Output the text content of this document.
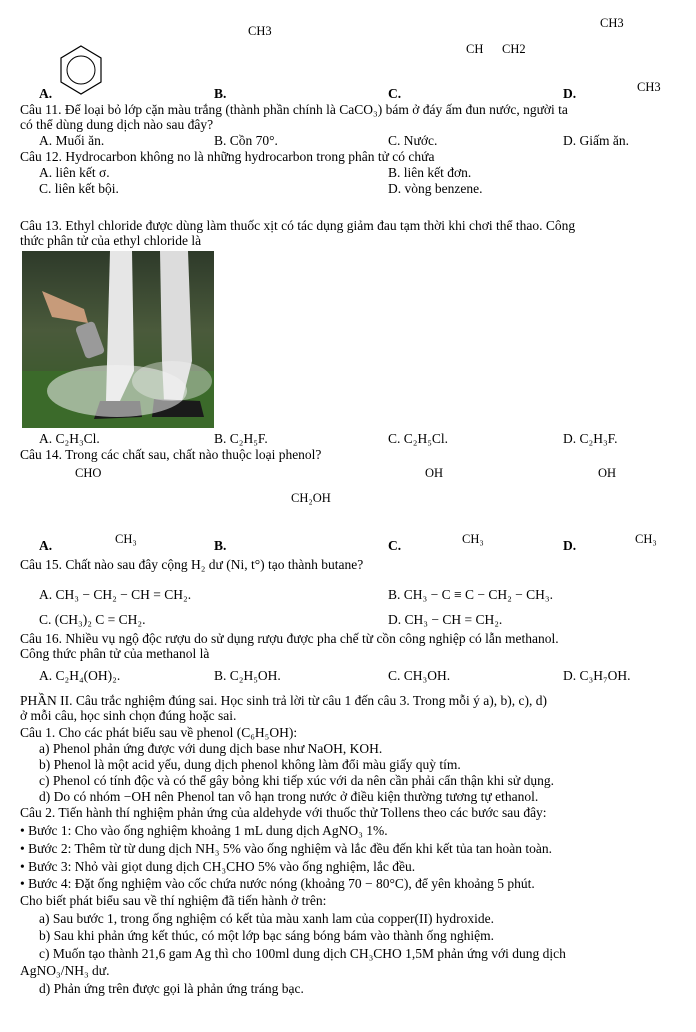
CH3
CH3
CH CH2
CH3
A.	B.	C.	D.
Câu 11. Để loại bỏ lớp cặn màu trắng (thành phần chính là CaCO₃) bám ở đáy ấm đun nước, người ta
có thể dùng dung dịch nào sau đây?
A. Muối ăn.	B. Cồn 70°.	C. Nước.	D. Giấm ăn.
Câu 12. Hydrocarbon không no là những hydrocarbon trong phân tử có chứa
A. liên kết σ.	B. liên kết đơn.
C. liên kết bội.	D. vòng benzene.
Câu 13. Ethyl chloride được dùng làm thuốc xịt có tác dụng giảm đau tạm thời khi chơi thể thao. Công
thức phân tử của ethyl chloride là
A. C₂H₃Cl.	B. C₂H₅F.	C. C₂H₅Cl.	D. C₂H₃F.
Câu 14. Trong các chất sau, chất nào thuộc loại phenol?
CHO	OH	OH
CH₂OH
A.	CH₃	B.	C.	CH₃	D.	CH₃
Câu 15. Chất nào sau đây cộng H₂ dư (Ni, t°) tạo thành butane?
A. CH₃ − CH₂ − CH = CH₂.	B. CH₃ − C ≡ C − CH₂ − CH₃.
C. (CH₃)₂ C = CH₂.	D. CH₃ − CH = CH₂.
Câu 16. Nhiều vụ ngộ độc rượu do sử dụng rượu được pha chế từ cồn công nghiệp có lẫn methanol.
Công thức phân tử của methanol là
A. C₂H₄(OH)₂.	B. C₂H₅OH.	C. CH₃OH.	D. C₃H₇OH.
PHẦN II. Câu trắc nghiệm đúng sai. Học sinh trả lời từ câu 1 đến câu 3. Trong mỗi ý a), b), c), d)
ở mỗi câu, học sinh chọn đúng hoặc sai.
Câu 1. Cho các phát biểu sau về phenol (C₆H₅OH):
a) Phenol phản ứng được với dung dịch base như NaOH, KOH.
b) Phenol là một acid yếu, dung dịch phenol không làm đổi màu giấy quỳ tím.
c) Phenol có tính độc và có thể gây bỏng khi tiếp xúc với da nên cần phải cẩn thận khi sử dụng.
d) Do có nhóm −OH nên Phenol tan vô hạn trong nước ở điều kiện thường tương tự ethanol.
Câu 2. Tiến hành thí nghiệm phản ứng của aldehyde với thuốc thử Tollens theo các bước sau đây:
• Bước 1: Cho vào ống nghiệm khoảng 1 mL dung dịch AgNO₃ 1%.
• Bước 2: Thêm từ từ dung dịch NH₃ 5% vào ống nghiệm và lắc đều đến khi kết tủa tan hoàn toàn.
• Bước 3: Nhỏ vài giọt dung dịch CH₃CHO 5% vào ống nghiệm, lắc đều.
• Bước 4: Đặt ống nghiệm vào cốc chứa nước nóng (khoảng 70 − 80°C), để yên khoảng 5 phút.
Cho biết phát biểu sau về thí nghiệm đã tiến hành ở trên:
a) Sau bước 1, trong ống nghiệm có kết tủa màu xanh lam của copper(II) hydroxide.
b) Sau khi phản ứng kết thúc, có một lớp bạc sáng bóng bám vào thành ống nghiệm.
c) Muốn tạo thành 21,6 gam Ag thì cho 100ml dung dịch CH₃CHO 1,5M phản ứng với dung dịch
AgNO₃/NH₃ dư.
d) Phản ứng trên được gọi là phản ứng tráng bạc.
